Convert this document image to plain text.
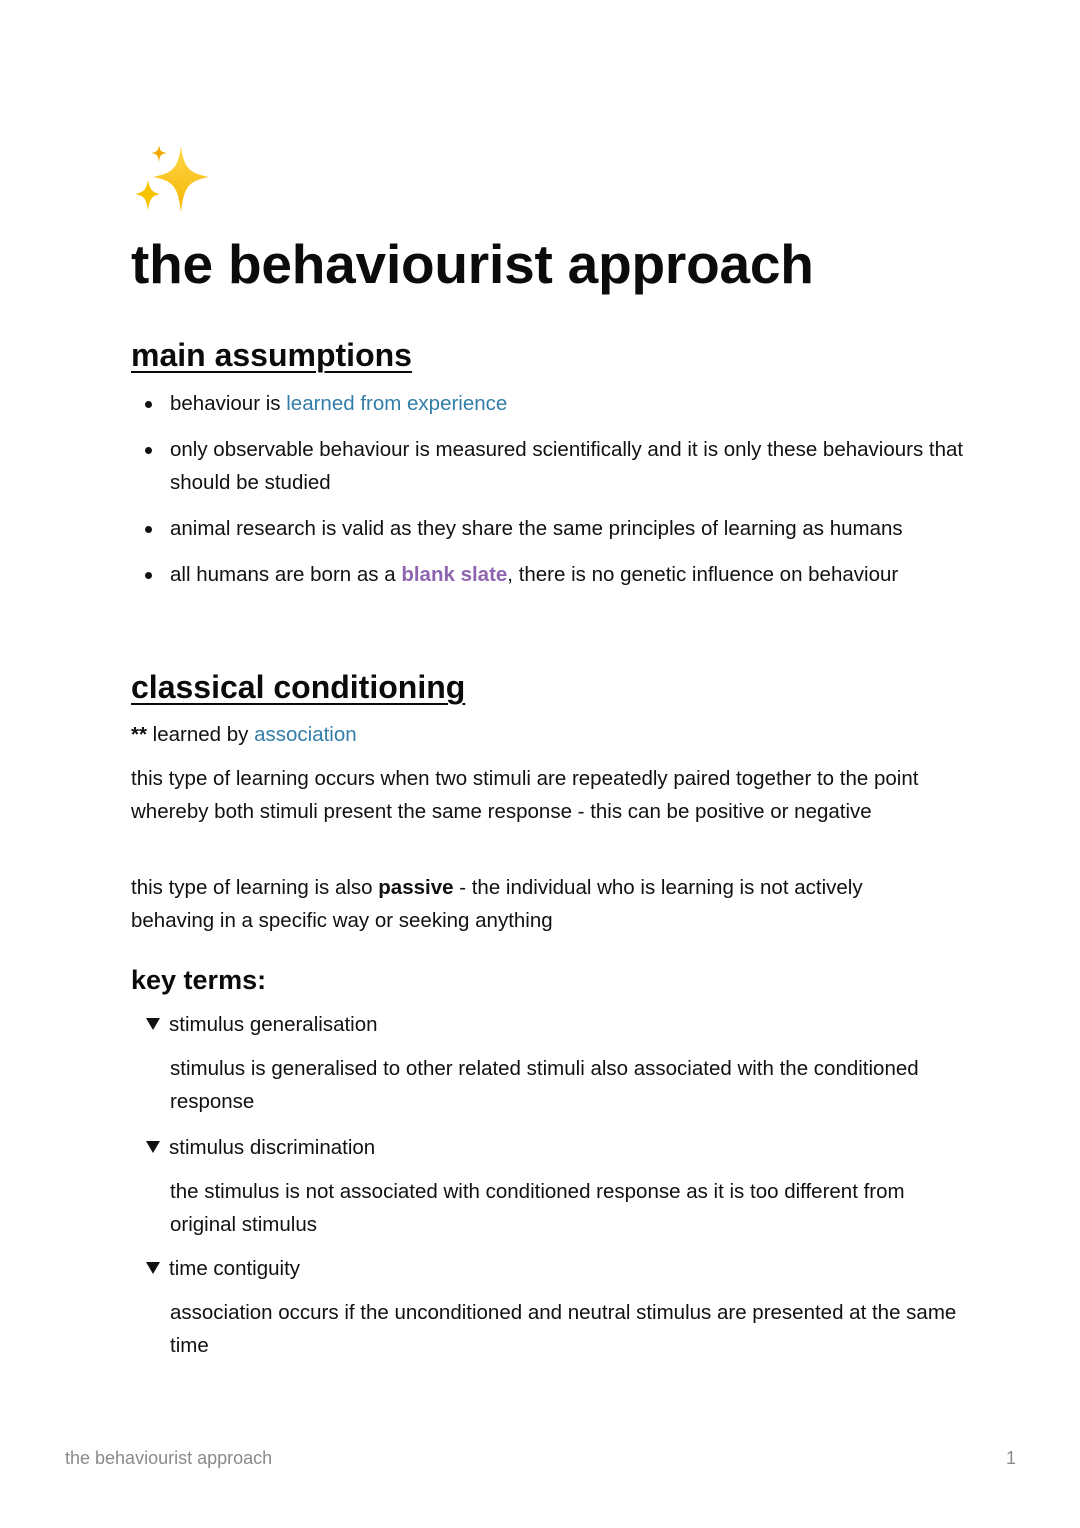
the behaviourist approach
main assumptions
behaviour is learned from experience
only observable behaviour is measured scientifically and it is only these behaviours that should be studied
animal research is valid as they share the same principles of learning as humans
all humans are born as a blank slate, there is no genetic influence on behaviour
classical conditioning

** learned by association

this type of learning occurs when two stimuli are repeatedly paired together to the point whereby both stimuli present the same response - this can be positive or negative

this type of learning is also passive - the individual who is learning is not actively behaving in a specific way or seeking anything

key terms:
stimulus generalisation

stimulus is generalised to other related stimuli also associated with the conditioned response

stimulus discrimination

the stimulus is not associated with conditioned response as it is too different from original stimulus

time contiguity

association occurs if the unconditioned and neutral stimulus are presented at the same time

the behaviourist approach	1
